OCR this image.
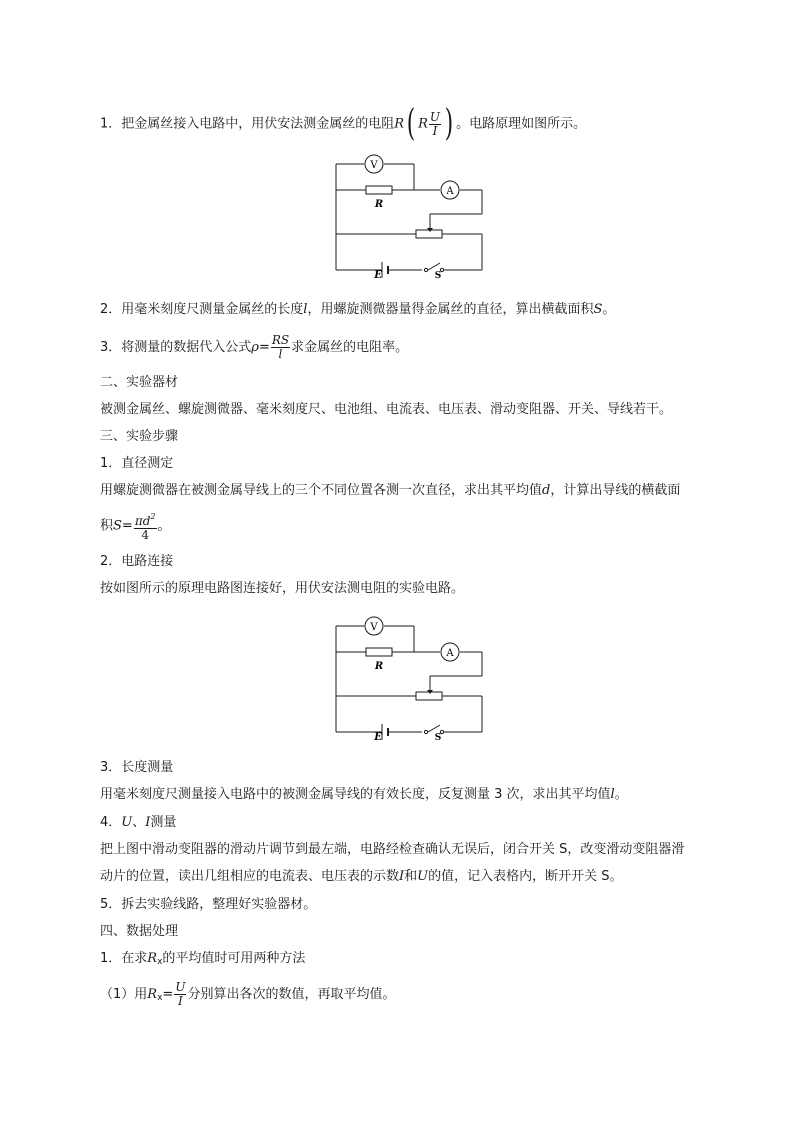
1．把金属丝接入电路中，用伏安法测金属丝的电阻R( R $\frac{U}{I}$ ) 。电路原理如图所示。
V
A
R
E	S
2．用毫米刻度尺测量金属丝的长度l，用螺旋测微器量得金属丝的直径，算出横截面积S。
3．将测量的数据代入公式$\rho= \frac{RS}{l}$ 求金属丝的电阻率。
二、实验器材
被测金属丝、螺旋测微器、毫米刻度尺、电池组、电流表、电压表、滑动变阻器、开关、导线若干。
三、实验步骤
1．直径测定
用螺旋测微器在被测金属导线上的三个不同位置各测一次直径，求出其平均值d，计算出导线的横截面
积$S= \frac{\pi d^2}{4}$ 。
2．电路连接
按如图所示的原理电路图连接好，用伏安法测电阻的实验电路。
V
A
R
E	S
3．长度测量
用毫米刻度尺测量接入电路中的被测金属导线的有效长度，反复测量 3 次，求出其平均值l。
4．U、I测量
把上图中滑动变阻器的滑动片调节到最左端，电路经检查确认无误后，闭合开关 S，改变滑动变阻器滑
动片的位置，读出几组相应的电流表、电压表的示数I和U的值，记入表格内，断开开关 S。
5．拆去实验线路，整理好实验器材。
四、数据处理
1．在求$R_x$的平均值时可用两种方法
（1）用$R_x= \frac{U}{I}$ 分别算出各次的数值，再取平均值。
